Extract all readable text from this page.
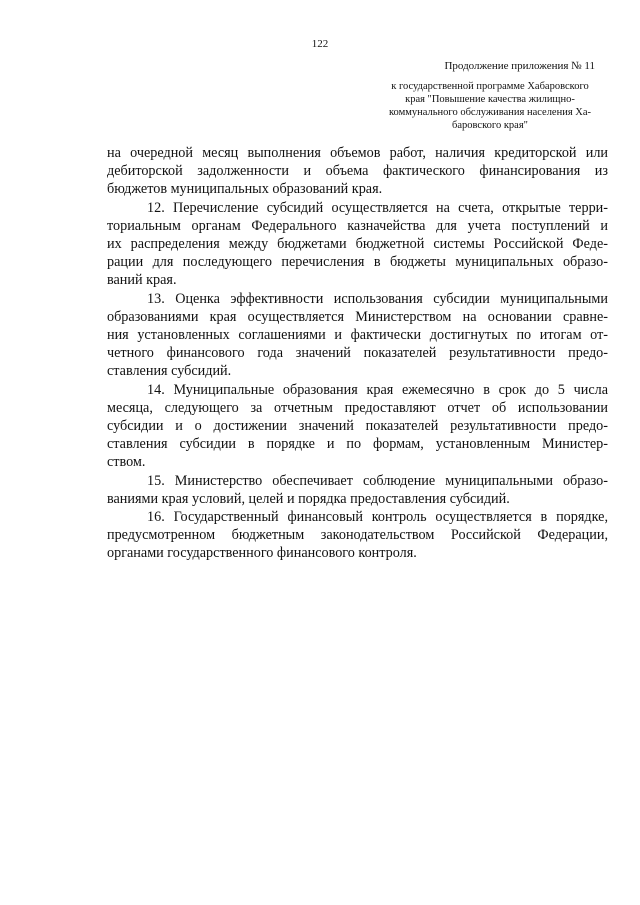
122
Продолжение приложения № 11
к государственной программе Хабаровского
края "Повышение качества жилищно-
коммунального обслуживания населения Ха-
баровского края"
на очередной месяц выполнения объемов работ, наличия кредиторской или
дебиторской задолженности и объема фактического финансирования из
бюджетов муниципальных образований края.
12. Перечисление субсидий осуществляется на счета, открытые терри-
ториальным органам Федерального казначейства для учета поступлений и
их распределения между бюджетами бюджетной системы Российской Феде-
рации для последующего перечисления в бюджеты муниципальных образо-
ваний края.
13. Оценка эффективности использования субсидии муниципальными
образованиями края осуществляется Министерством на основании сравне-
ния установленных соглашениями и фактически достигнутых по итогам от-
четного финансового года значений показателей результативности предо-
ставления субсидий.
14. Муниципальные образования края ежемесячно в срок до 5 числа
месяца, следующего за отчетным предоставляют отчет об использовании
субсидии и о достижении значений показателей результативности предо-
ставления субсидии в порядке и по формам, установленным Министер-
ством.
15. Министерство обеспечивает соблюдение муниципальными образо-
ваниями края условий, целей и порядка предоставления субсидий.
16. Государственный финансовый контроль осуществляется в порядке,
предусмотренном бюджетным законодательством Российской Федерации,
органами государственного финансового контроля.
